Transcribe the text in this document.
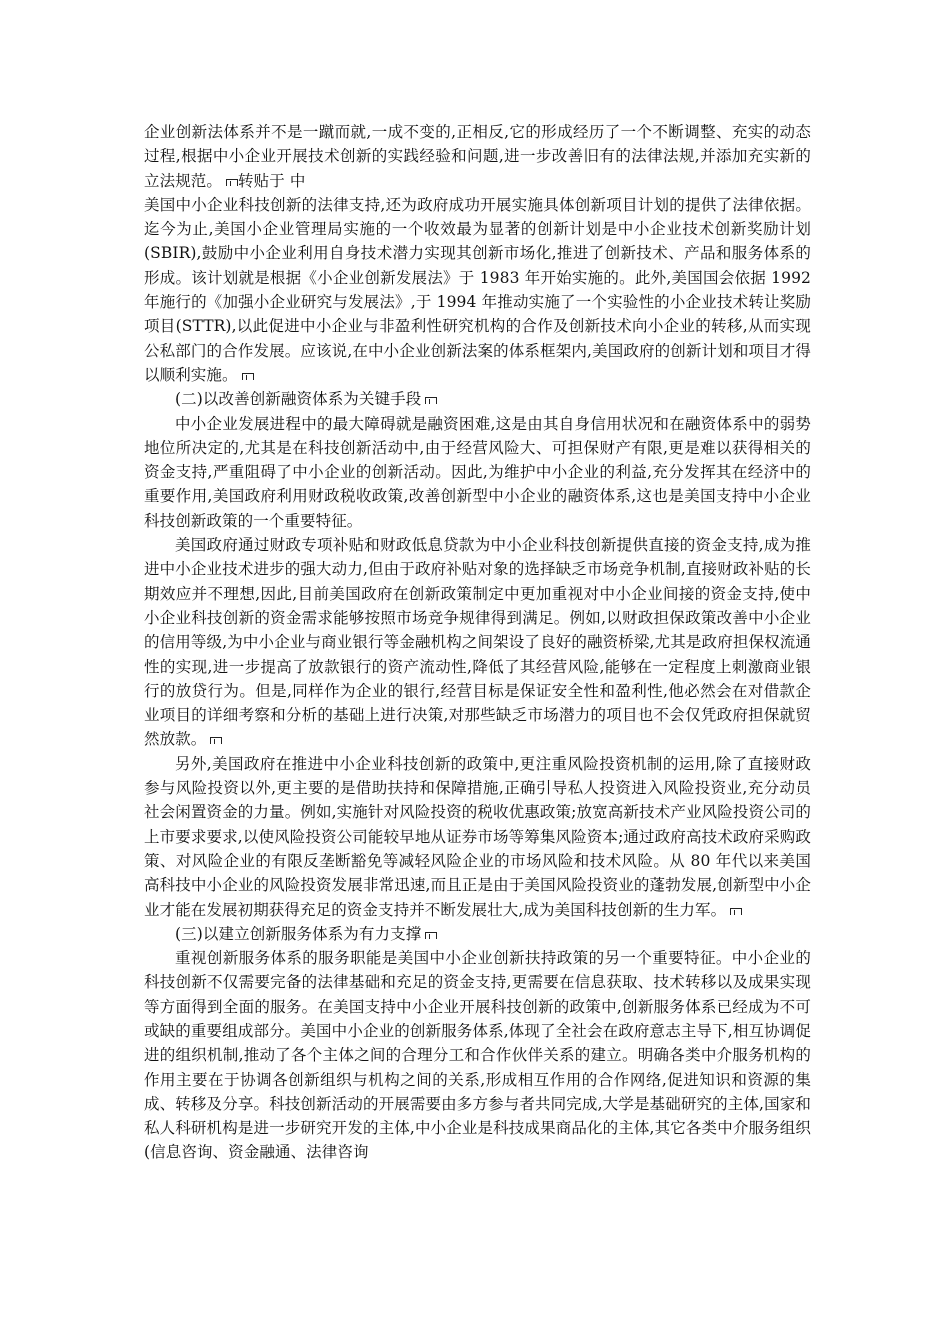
企业创新法体系并不是一蹴而就,一成不变的,正相反,它的形成经历了一个不断调整、充实的动态过程,根据中小企业开展技术创新的实践经验和问题,进一步改善旧有的法律法规,并添加充实新的立法规范。 转贴于 中

美国中小企业科技创新的法律支持,还为政府成功开展实施具体创新项目计划的提供了法律依据。迄今为止,美国小企业管理局实施的一个收效最为显著的创新计划是中小企业技术创新奖励计划(SBIR),鼓励中小企业利用自身技术潜力实现其创新市场化,推进了创新技术、产品和服务体系的形成。该计划就是根据《小企业创新发展法》于 1983 年开始实施的。此外,美国国会依据 1992 年施行的《加强小企业研究与发展法》,于 1994 年推动实施了一个实验性的小企业技术转让奖励项目(STTR),以此促进中小企业与非盈利性研究机构的合作及创新技术向小企业的转移,从而实现公私部门的合作发展。应该说,在中小企业创新法案的体系框架内,美国政府的创新计划和项目才得以顺利实施。

(二)以改善创新融资体系为关键手段

中小企业发展进程中的最大障碍就是融资困难,这是由其自身信用状况和在融资体系中的弱势地位所决定的,尤其是在科技创新活动中,由于经营风险大、可担保财产有限,更是难以获得相关的资金支持,严重阻碍了中小企业的创新活动。因此,为维护中小企业的利益,充分发挥其在经济中的重要作用,美国政府利用财政税收政策,改善创新型中小企业的融资体系,这也是美国支持中小企业科技创新政策的一个重要特征。

美国政府通过财政专项补贴和财政低息贷款为中小企业科技创新提供直接的资金支持,成为推进中小企业技术进步的强大动力,但由于政府补贴对象的选择缺乏市场竞争机制,直接财政补贴的长期效应并不理想,因此,目前美国政府在创新政策制定中更加重视对中小企业间接的资金支持,使中小企业科技创新的资金需求能够按照市场竞争规律得到满足。例如,以财政担保政策改善中小企业的信用等级,为中小企业与商业银行等金融机构之间架设了良好的融资桥梁,尤其是政府担保权流通性的实现,进一步提高了放款银行的资产流动性,降低了其经营风险,能够在一定程度上刺激商业银行的放贷行为。但是,同样作为企业的银行,经营目标是保证安全性和盈利性,他必然会在对借款企业项目的详细考察和分析的基础上进行决策,对那些缺乏市场潜力的项目也不会仅凭政府担保就贸然放款。

另外,美国政府在推进中小企业科技创新的政策中,更注重风险投资机制的运用,除了直接财政参与风险投资以外,更主要的是借助扶持和保障措施,正确引导私人投资进入风险投资业,充分动员社会闲置资金的力量。例如,实施针对风险投资的税收优惠政策;放宽高新技术产业风险投资公司的上市要求要求,以使风险投资公司能较早地从证券市场等筹集风险资本;通过政府高技术政府采购政策、对风险企业的有限反垄断豁免等减轻风险企业的市场风险和技术风险。从 80 年代以来美国高科技中小企业的风险投资发展非常迅速,而且正是由于美国风险投资业的蓬勃发展,创新型中小企业才能在发展初期获得充足的资金支持并不断发展壮大,成为美国科技创新的生力军。

(三)以建立创新服务体系为有力支撑

重视创新服务体系的服务职能是美国中小企业创新扶持政策的另一个重要特征。中小企业的科技创新不仅需要完备的法律基础和充足的资金支持,更需要在信息获取、技术转移以及成果实现等方面得到全面的服务。在美国支持中小企业开展科技创新的政策中,创新服务体系已经成为不可或缺的重要组成部分。美国中小企业的创新服务体系,体现了全社会在政府意志主导下,相互协调促进的组织机制,推动了各个主体之间的合理分工和合作伙伴关系的建立。明确各类中介服务机构的作用主要在于协调各创新组织与机构之间的关系,形成相互作用的合作网络,促进知识和资源的集成、转移及分享。科技创新活动的开展需要由多方参与者共同完成,大学是基础研究的主体,国家和私人科研机构是进一步研究开发的主体,中小企业是科技成果商品化的主体,其它各类中介服务组织(信息咨询、资金融通、法律咨询
